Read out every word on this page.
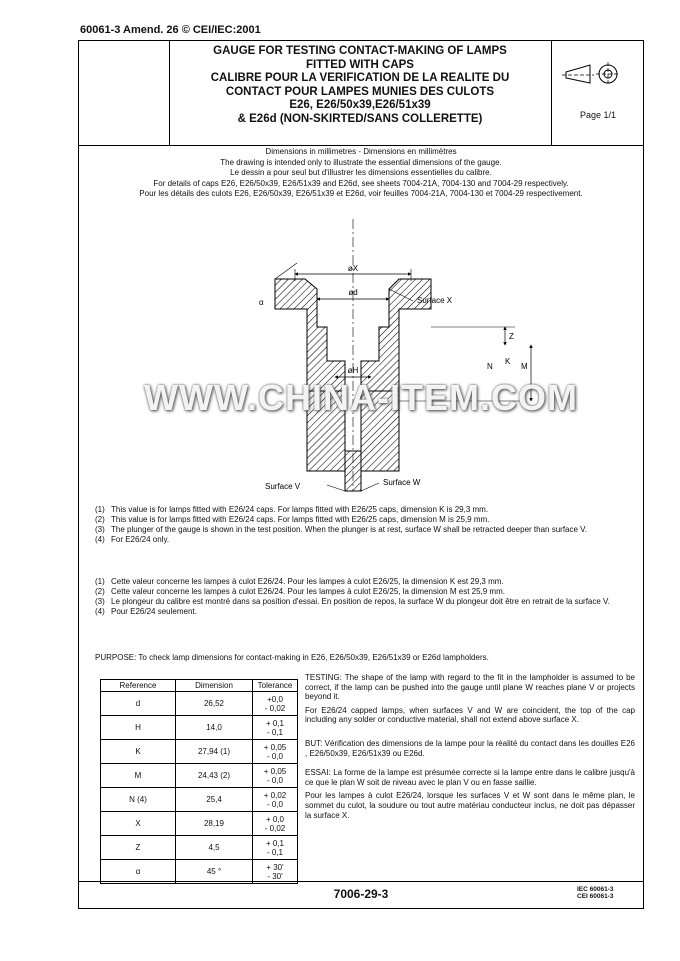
60061-3 Amend. 26 © CEI/IEC:2001
GAUGE FOR TESTING CONTACT-MAKING OF LAMPS
FITTED WITH CAPS
CALIBRE POUR LA VERIFICATION DE LA REALITE DU
CONTACT POUR LAMPES MUNIES DES CULOTS
E26, E26/50x39,E26/51x39
& E26d (NON-SKIRTED/SANS COLLERETTE)	Page 1/1
Dimensions in millimetres - Dimensions en millimètres
The drawing is intended only to illustrate the essential dimensions of the gauge.
Le dessin a pour seul but d'illustrer les dimensions essentielles du calibre.
For details of caps E26, E26/50x39, E26/51x39 and E26d, see sheets 7004-21A, 7004-130 and 7004-29 respectively.
Pour les détails des culots E26, E26/50x39, E26/51x39 et E26d, voir feuilles 7004-21A, 7004-130 et 7004-29 respectivement.
øX
ød
α	Surface X
Z
M
N
K
øH
Surface V	Surface W
WWW.CHINA-ITEM.COM
(1) This value is for lamps fitted with E26/24 caps. For lamps fitted with E26/25 caps, dimension K is 29,3 mm.
(2) This value is for lamps fitted with E26/24 caps. For lamps fitted with E26/25 caps, dimension M is 25,9 mm.
(3) The plunger of the gauge is shown in the test position. When the plunger is at rest, surface W shall be retracted deeper than surface V.
(4) For E26/24 only.
(1) Cette valeur concerne les lampes à culot E26/24. Pour les lampes à culot E26/25, la dimension K est 29,3 mm.
(2) Cette valeur concerne les lampes à culot E26/24. Pour les lampes à culot E26/25, la dimension M est 25,9 mm.
(3) Le plongeur du calibre est montré dans sa position d'essai. En position de repos, la surface W du plongeur doit être en retrait de la surface V.
(4) Pour E26/24 seulement.
PURPOSE: To check lamp dimensions for contact-making in E26, E26/50x39, E26/51x39 or E26d lampholders.
Reference	Dimension	Tolerance
d	26,52	+0,0
- 0,02

H	14,0	+ 0,1
- 0,1

K	27,94 (1)	+ 0,05
- 0,0

M	24,43 (2)	+ 0,05
- 0,0

N (4)	25,4	+ 0,02
- 0,0

X	28,19	+ 0,0
- 0,02

Z	4,5	+ 0,1
- 0,1

α	45 °	+ 30'
- 30'

TESTING: The shape of the lamp with regard to the fit in the lampholder is assumed to be correct, if the lamp can be pushed into the gauge until plane W reaches plane V or projects beyond it.

For E26/24 capped lamps, when surfaces V and W are coincident, the top of the cap including any solder or conductive material, shall not extend above surface X.

BUT: Vérification des dimensions de la lampe pour la réalité du contact dans les douilles E26 , E26/50x39, E26/51x39 ou E26d.

ESSAI: La forme de la lampe est présumée correcte si la lampe entre dans le calibre jusqu'à ce que le plan W soit de niveau avec le plan V ou en fasse saillie.

Pour les lampes à culot E26/24, lorsque les surfaces V et W sont dans le même plan, le sommet du culot, la soudure ou tout autre matériau conducteur inclus, ne doit pas dépasser la surface X.

7006-29-3	IEC 60061-3
CEI 60061-3
